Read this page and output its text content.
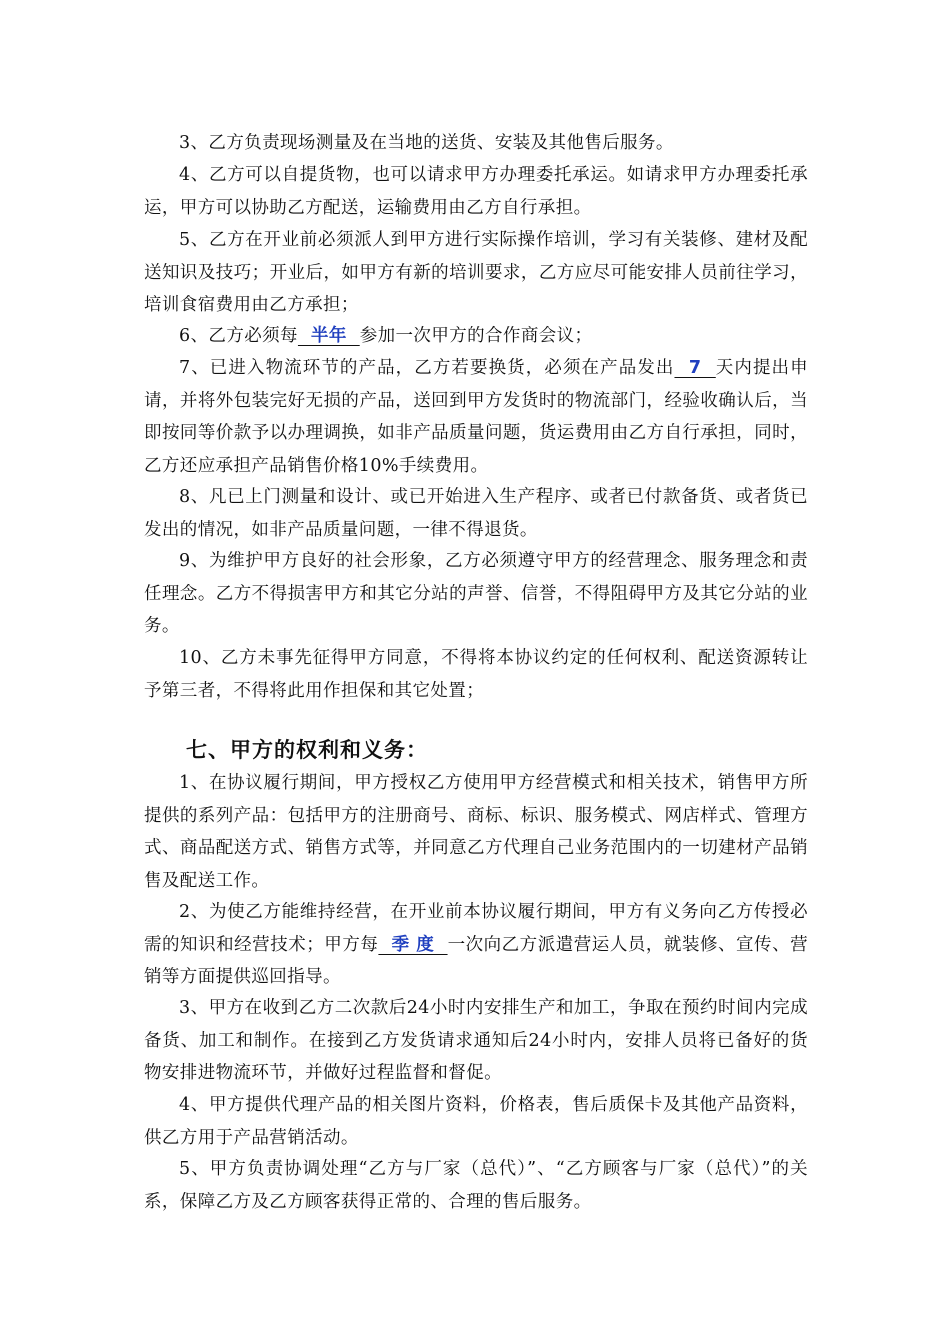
3、乙方负责现场测量及在当地的送货、安装及其他售后服务。

4、乙方可以自提货物，也可以请求甲方办理委托承运。如请求甲方办理委托承运，甲方可以协助乙方配送，运输费用由乙方自行承担。

5、乙方在开业前必须派人到甲方进行实际操作培训，学习有关装修、建材及配送知识及技巧；开业后，如甲方有新的培训要求，乙方应尽可能安排人员前往学习，培训食宿费用由乙方承担；

6、乙方必须每  半年  参加一次甲方的合作商会议；

7、已进入物流环节的产品，乙方若要换货，必须在产品发出  7  天内提出申请，并将外包装完好无损的产品，送回到甲方发货时的物流部门，经验收确认后，当即按同等价款予以办理调换，如非产品质量问题，货运费用由乙方自行承担，同时，乙方还应承担产品销售价格10%手续费用。

8、凡已上门测量和设计、或已开始进入生产程序、或者已付款备货、或者货已发出的情况，如非产品质量问题，一律不得退货。

9、为维护甲方良好的社会形象，乙方必须遵守甲方的经营理念、服务理念和责任理念。乙方不得损害甲方和其它分站的声誉、信誉，不得阻碍甲方及其它分站的业务。

10、乙方未事先征得甲方同意，不得将本协议约定的任何权利、配送资源转让予第三者，不得将此用作担保和其它处置；

七、甲方的权利和义务：

1、在协议履行期间，甲方授权乙方使用甲方经营模式和相关技术，销售甲方所提供的系列产品：包括甲方的注册商号、商标、标识、服务模式、网店样式、管理方式、商品配送方式、销售方式等，并同意乙方代理自己业务范围内的一切建材产品销售及配送工作。

2、为使乙方能维持经营，在开业前本协议履行期间，甲方有义务向乙方传授必需的知识和经营技术；甲方每  季 度  一次向乙方派遣营运人员，就装修、宣传、营销等方面提供巡回指导。

3、甲方在收到乙方二次款后24小时内安排生产和加工，争取在预约时间内完成备货、加工和制作。在接到乙方发货请求通知后24小时内，安排人员将已备好的货物安排进物流环节，并做好过程监督和督促。

4、甲方提供代理产品的相关图片资料，价格表，售后质保卡及其他产品资料，供乙方用于产品营销活动。

5、甲方负责协调处理“乙方与厂家（总代）”、“乙方顾客与厂家（总代）”的关系，保障乙方及乙方顾客获得正常的、合理的售后服务。
